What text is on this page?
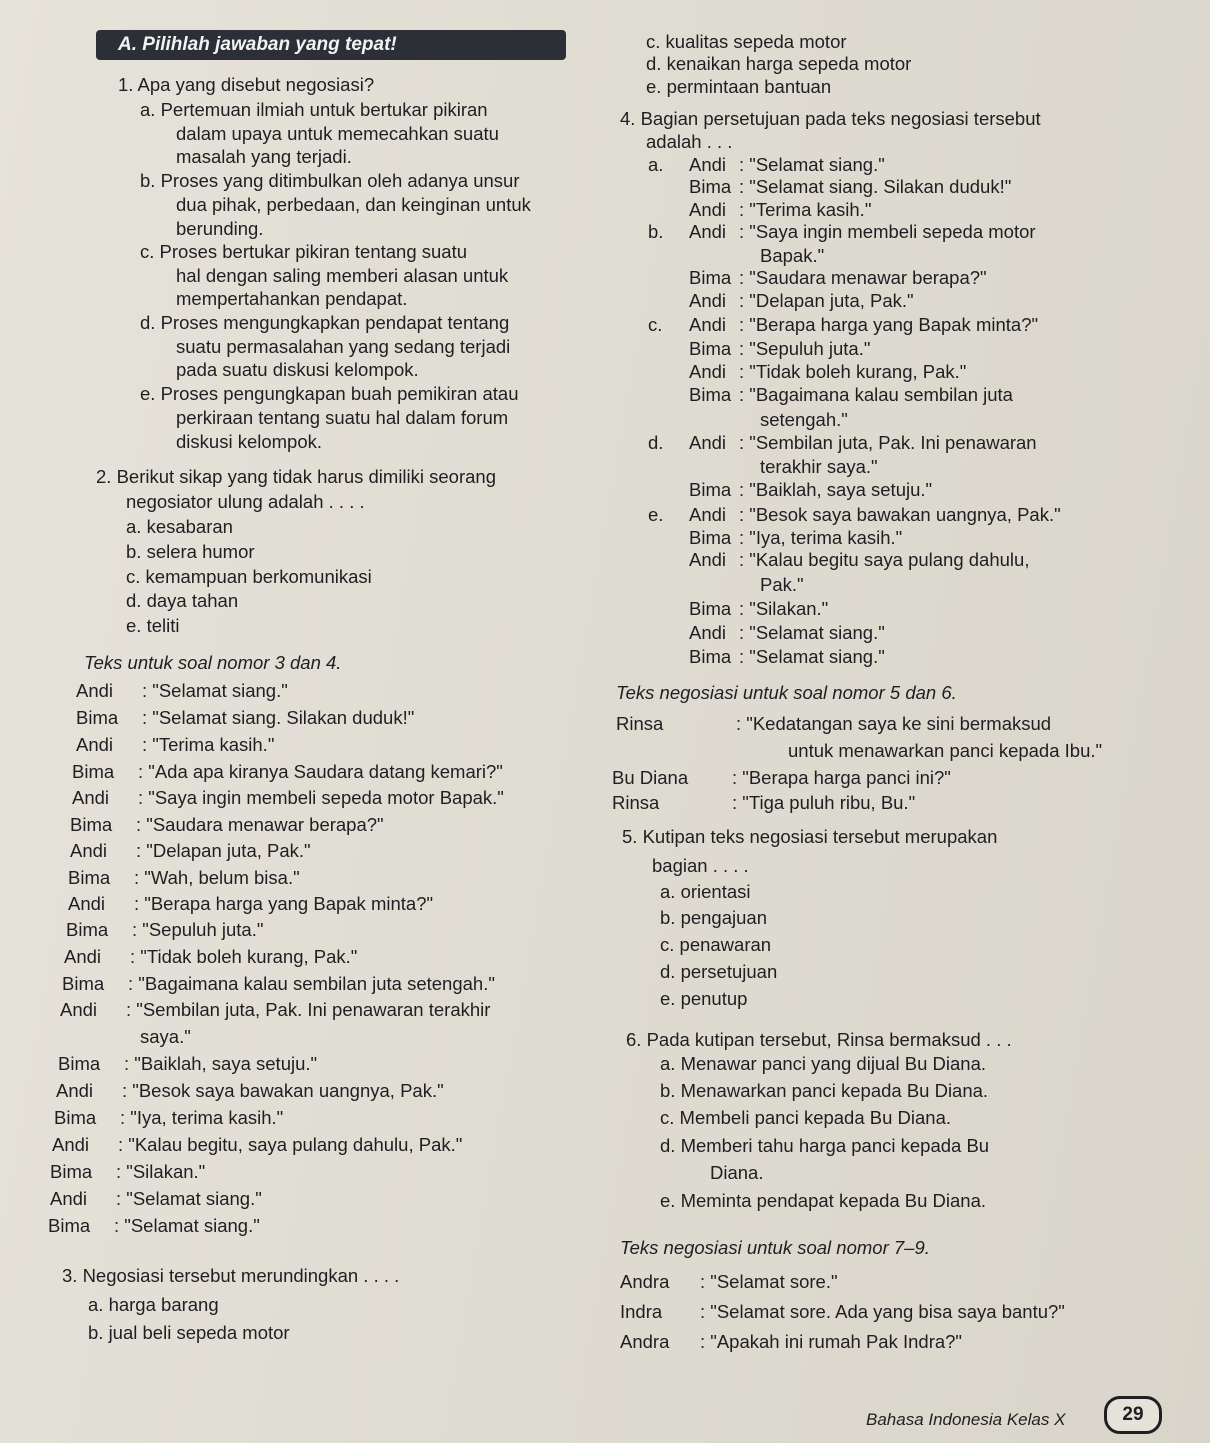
A. Pilihlah jawaban yang tepat!
1. Apa yang disebut negosiasi?
a. Pertemuan ilmiah untuk bertukar pikiran
dalam upaya untuk memecahkan suatu
masalah yang terjadi.
b. Proses yang ditimbulkan oleh adanya unsur
dua pihak, perbedaan, dan keinginan untuk
berunding.
c. Proses bertukar pikiran tentang suatu
hal dengan saling memberi alasan untuk
mempertahankan pendapat.
d. Proses mengungkapkan pendapat tentang
suatu permasalahan yang sedang terjadi
pada suatu diskusi kelompok.
e. Proses pengungkapan buah pemikiran atau
perkiraan tentang suatu hal dalam forum
diskusi kelompok.
2. Berikut sikap yang tidak harus dimiliki seorang
negosiator ulung adalah . . . .
a. kesabaran
b. selera humor
c. kemampuan berkomunikasi
d. daya tahan
e. teliti
Teks untuk soal nomor 3 dan 4.
Andi : "Selamat siang."
Bima : "Selamat siang. Silakan duduk!"
Andi : "Terima kasih."
Bima : "Ada apa kiranya Saudara datang kemari?"
Andi : "Saya ingin membeli sepeda motor Bapak."
Bima : "Saudara menawar berapa?"
Andi : "Delapan juta, Pak."
Bima : "Wah, belum bisa."
Andi : "Berapa harga yang Bapak minta?"
Bima : "Sepuluh juta."
Andi : "Tidak boleh kurang, Pak."
Bima : "Bagaimana kalau sembilan juta setengah."
Andi : "Sembilan juta, Pak. Ini penawaran terakhir
saya."
Bima : "Baiklah, saya setuju."
Andi : "Besok saya bawakan uangnya, Pak."
Bima : "Iya, terima kasih."
Andi : "Kalau begitu, saya pulang dahulu, Pak."
Bima : "Silakan."
Andi : "Selamat siang."
Bima : "Selamat siang."
3. Negosiasi tersebut merundingkan . . . .
a. harga barang
b. jual beli sepeda motor
c. kualitas sepeda motor
d. kenaikan harga sepeda motor
e. permintaan bantuan
4. Bagian persetujuan pada teks negosiasi tersebut
adalah . . .
a. Andi : "Selamat siang."
Bima : "Selamat siang. Silakan duduk!"
Andi : "Terima kasih."
b. Andi : "Saya ingin membeli sepeda motor
Bapak."
Bima : "Saudara menawar berapa?"
Andi : "Delapan juta, Pak."
c. Andi : "Berapa harga yang Bapak minta?"
Bima : "Sepuluh juta."
Andi : "Tidak boleh kurang, Pak."
Bima : "Bagaimana kalau sembilan juta
setengah."
d. Andi : "Sembilan juta, Pak. Ini penawaran
terakhir saya."
Bima : "Baiklah, saya setuju."
e. Andi : "Besok saya bawakan uangnya, Pak."
Bima : "Iya, terima kasih."
Andi : "Kalau begitu saya pulang dahulu,
Pak."
Bima : "Silakan."
Andi : "Selamat siang."
Bima : "Selamat siang."
Teks negosiasi untuk soal nomor 5 dan 6.
Rinsa	: "Kedatangan saya ke sini bermaksud
untuk menawarkan panci kepada Ibu."
Bu Diana : "Berapa harga panci ini?"
Rinsa	: "Tiga puluh ribu, Bu."
5. Kutipan teks negosiasi tersebut merupakan
bagian . . . .
a. orientasi
b. pengajuan
c. penawaran
d. persetujuan
e. penutup
6. Pada kutipan tersebut, Rinsa bermaksud . . .
a. Menawar panci yang dijual Bu Diana.
b. Menawarkan panci kepada Bu Diana.
c. Membeli panci kepada Bu Diana.
d. Memberi tahu harga panci kepada Bu
Diana.
e. Meminta pendapat kepada Bu Diana.
Teks negosiasi untuk soal nomor 7–9.
Andra : "Selamat sore."
Indra : "Selamat sore. Ada yang bisa saya bantu?"
Andra : "Apakah ini rumah Pak Indra?"
Bahasa Indonesia Kelas X	29
